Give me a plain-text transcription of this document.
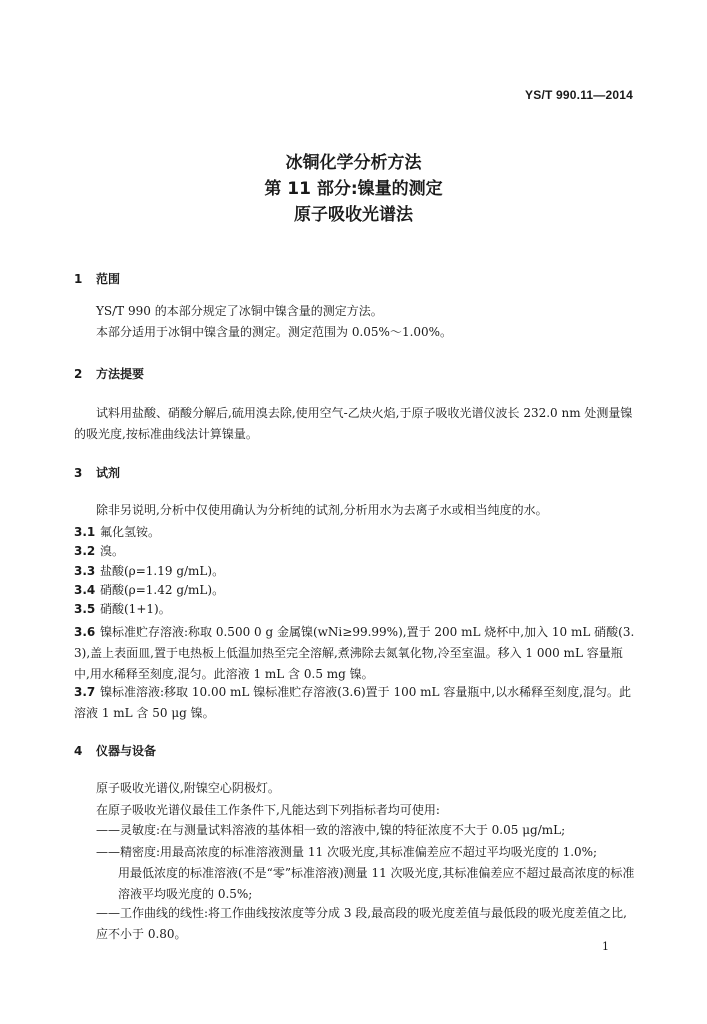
YS/T 990.11—2014
冰铜化学分析方法
第 11 部分:镍量的测定
原子吸收光谱法
1 范围
YS/T 990 的本部分规定了冰铜中镍含量的测定方法。
本部分适用于冰铜中镍含量的测定。测定范围为 0.05%～1.00%。
2 方法提要
试料用盐酸、硝酸分解后,硫用溴去除,使用空气-乙炔火焰,于原子吸收光谱仪波长 232.0 nm 处测量镍的吸光度,按标准曲线法计算镍量。
3 试剂
除非另说明,分析中仅使用确认为分析纯的试剂,分析用水为去离子水或相当纯度的水。
3.1 氟化氢铵。
3.2 溴。
3.3 盐酸(ρ=1.19 g/mL)。
3.4 硝酸(ρ=1.42 g/mL)。
3.5 硝酸(1+1)。
3.6 镍标准贮存溶液:称取 0.500 0 g 金属镍(wNi≥99.99%),置于 200 mL 烧杯中,加入 10 mL 硝酸(3.3),盖上表面皿,置于电热板上低温加热至完全溶解,煮沸除去氮氧化物,冷至室温。移入 1 000 mL 容量瓶中,用水稀释至刻度,混匀。此溶液 1 mL 含 0.5 mg 镍。
3.7 镍标准溶液:移取 10.00 mL 镍标准贮存溶液(3.6)置于 100 mL 容量瓶中,以水稀释至刻度,混匀。此溶液 1 mL 含 50 μg 镍。
4 仪器与设备
原子吸收光谱仪,附镍空心阴极灯。
在原子吸收光谱仪最佳工作条件下,凡能达到下列指标者均可使用:
——灵敏度:在与测量试料溶液的基体相一致的溶液中,镍的特征浓度不大于 0.05 μg/mL;
——精密度:用最高浓度的标准溶液测量 11 次吸光度,其标准偏差应不超过平均吸光度的 1.0%;
用最低浓度的标准溶液(不是“零”标准溶液)测量 11 次吸光度,其标准偏差应不超过最高浓度的标准溶液平均吸光度的 0.5%;
——工作曲线的线性:将工作曲线按浓度等分成 3 段,最高段的吸光度差值与最低段的吸光度差值之比,应不小于 0.80。
1
